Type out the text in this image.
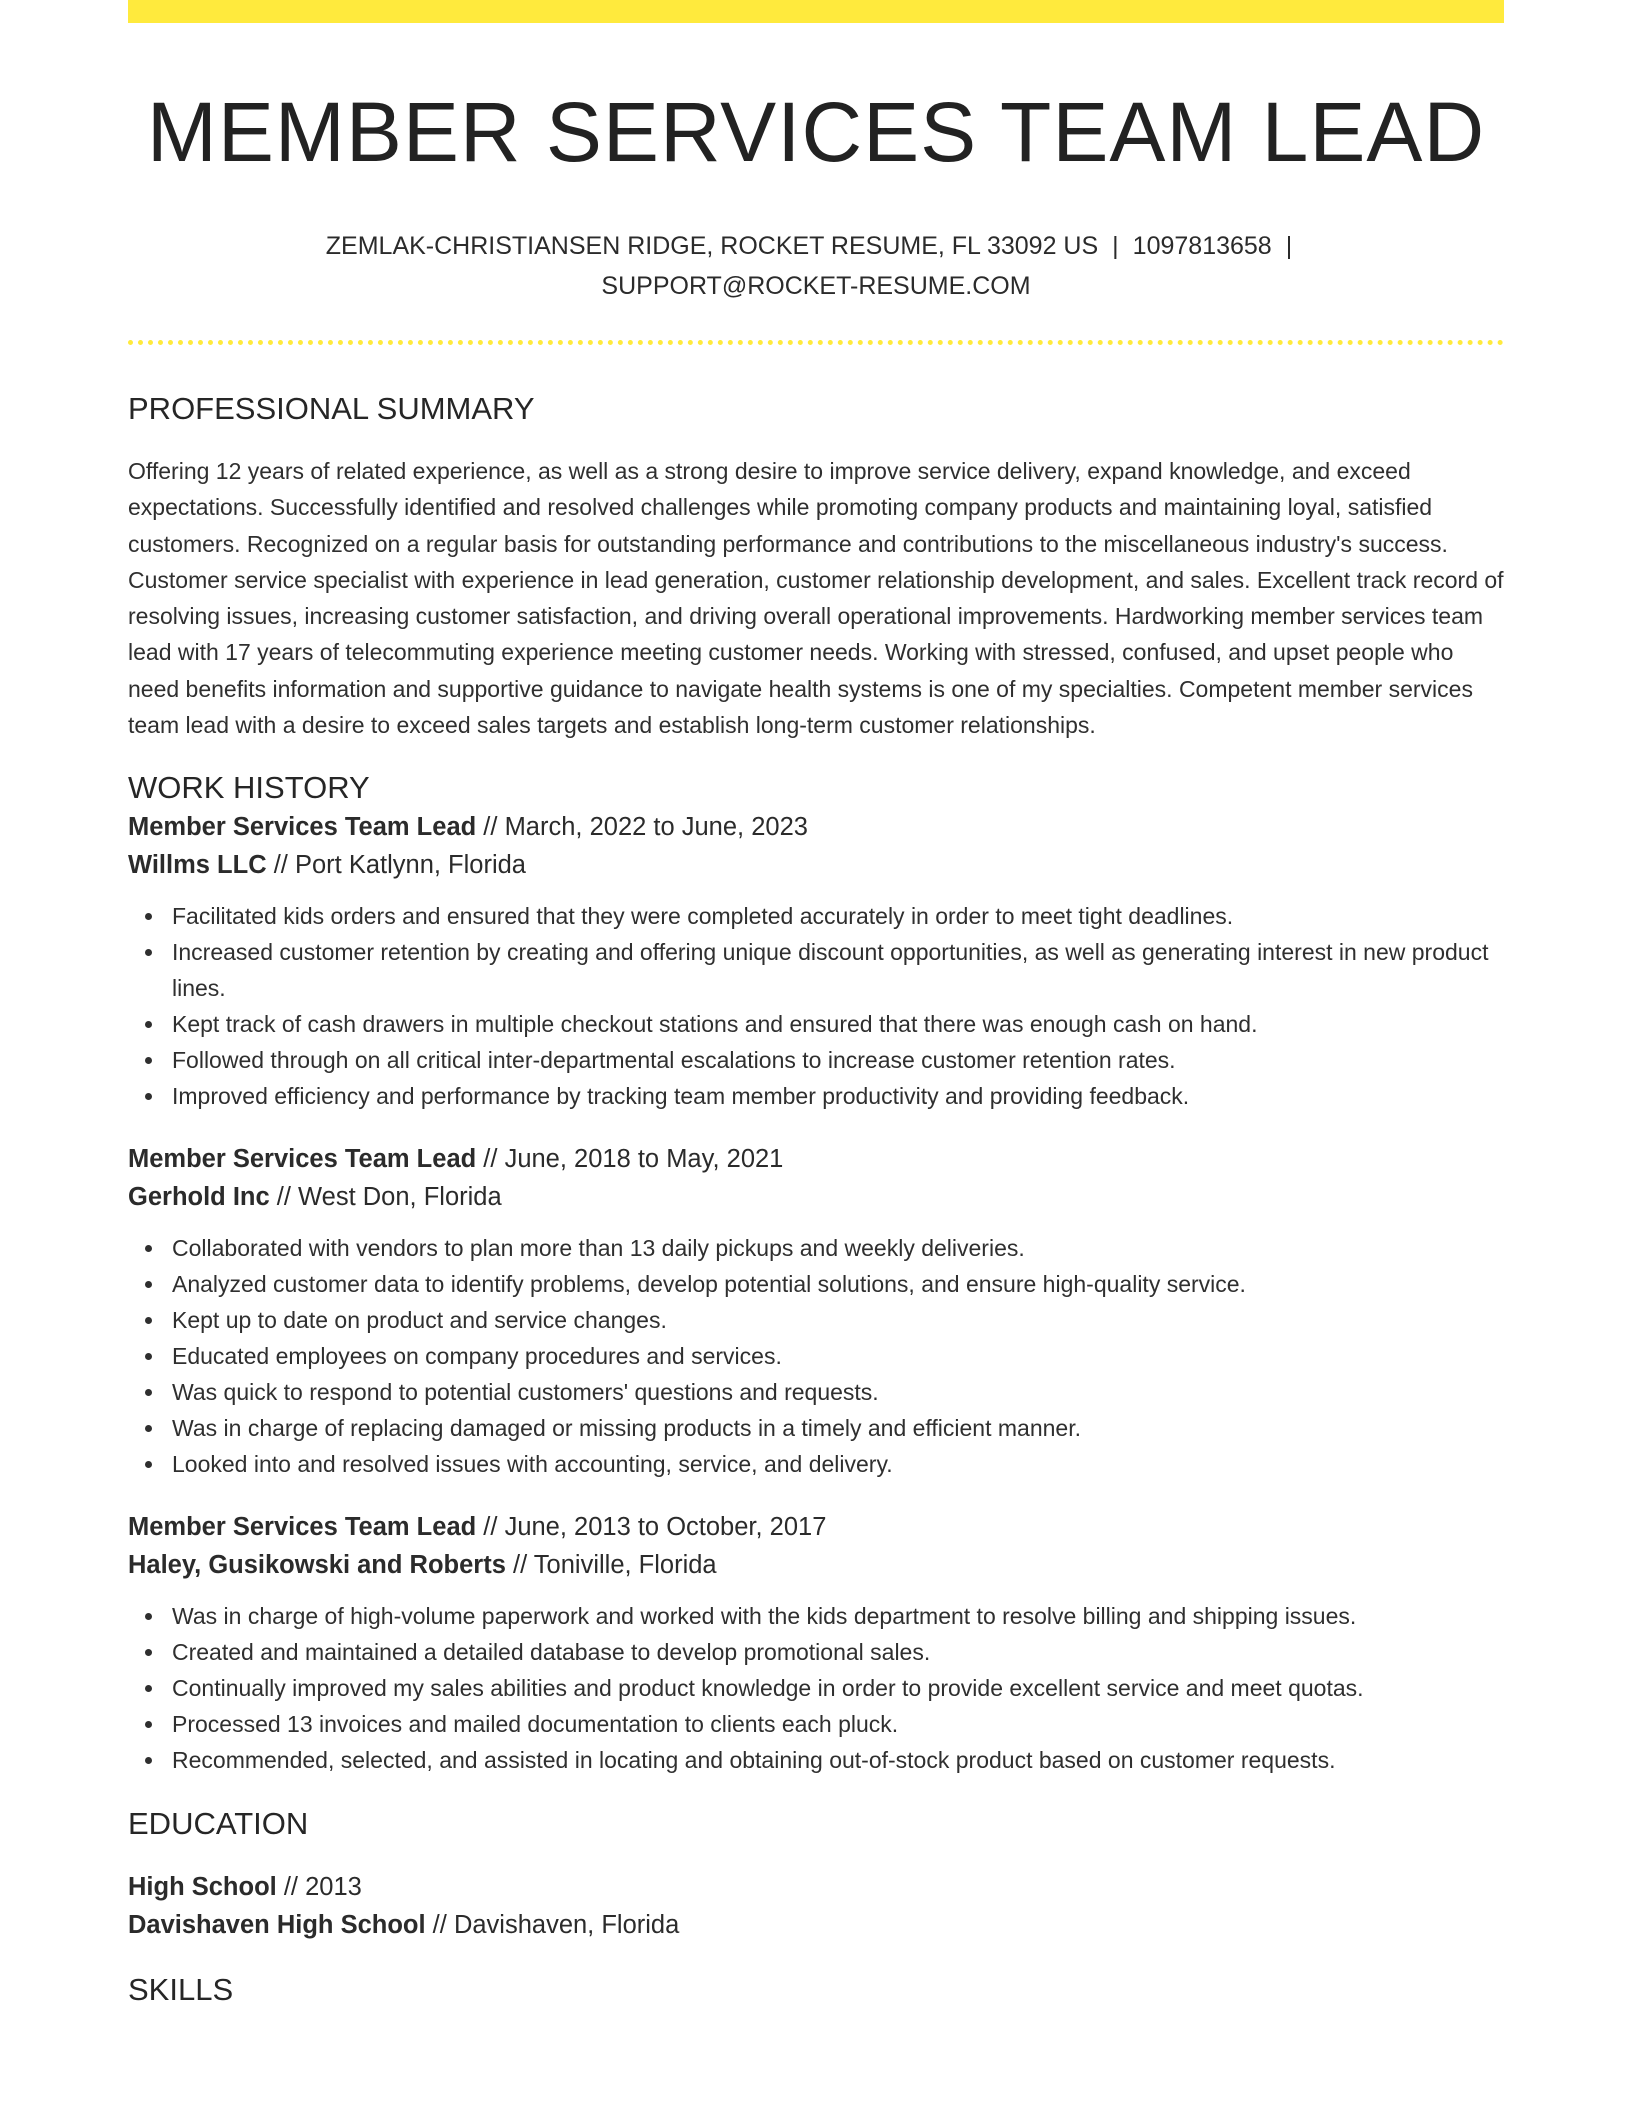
MEMBER SERVICES TEAM LEAD
ZEMLAK-CHRISTIANSEN RIDGE, ROCKET RESUME, FL 33092 US | 1097813658 |
SUPPORT@ROCKET-RESUME.COM
PROFESSIONAL SUMMARY

Offering 12 years of related experience, as well as a strong desire to improve service delivery, expand knowledge, and exceed expectations. Successfully identified and resolved challenges while promoting company products and maintaining loyal, satisfied customers. Recognized on a regular basis for outstanding performance and contributions to the miscellaneous industry's success. Customer service specialist with experience in lead generation, customer relationship development, and sales. Excellent track record of resolving issues, increasing customer satisfaction, and driving overall operational improvements. Hardworking member services team lead with 17 years of telecommuting experience meeting customer needs. Working with stressed, confused, and upset people who need benefits information and supportive guidance to navigate health systems is one of my specialties. Competent member services team lead with a desire to exceed sales targets and establish long-term customer relationships.

WORK HISTORY
Member Services Team Lead // March, 2022 to June, 2023
Willms LLC // Port Katlynn, Florida
Facilitated kids orders and ensured that they were completed accurately in order to meet tight deadlines.
Increased customer retention by creating and offering unique discount opportunities, as well as generating interest in new product lines.
Kept track of cash drawers in multiple checkout stations and ensured that there was enough cash on hand.
Followed through on all critical inter-departmental escalations to increase customer retention rates.
Improved efficiency and performance by tracking team member productivity and providing feedback.
Member Services Team Lead // June, 2018 to May, 2021
Gerhold Inc // West Don, Florida
Collaborated with vendors to plan more than 13 daily pickups and weekly deliveries.
Analyzed customer data to identify problems, develop potential solutions, and ensure high-quality service.
Kept up to date on product and service changes.
Educated employees on company procedures and services.
Was quick to respond to potential customers' questions and requests.
Was in charge of replacing damaged or missing products in a timely and efficient manner.
Looked into and resolved issues with accounting, service, and delivery.
Member Services Team Lead // June, 2013 to October, 2017
Haley, Gusikowski and Roberts // Toniville, Florida
Was in charge of high-volume paperwork and worked with the kids department to resolve billing and shipping issues.
Created and maintained a detailed database to develop promotional sales.
Continually improved my sales abilities and product knowledge in order to provide excellent service and meet quotas.
Processed 13 invoices and mailed documentation to clients each pluck.
Recommended, selected, and assisted in locating and obtaining out-of-stock product based on customer requests.
EDUCATION
High School // 2013
Davishaven High School // Davishaven, Florida
SKILLS
